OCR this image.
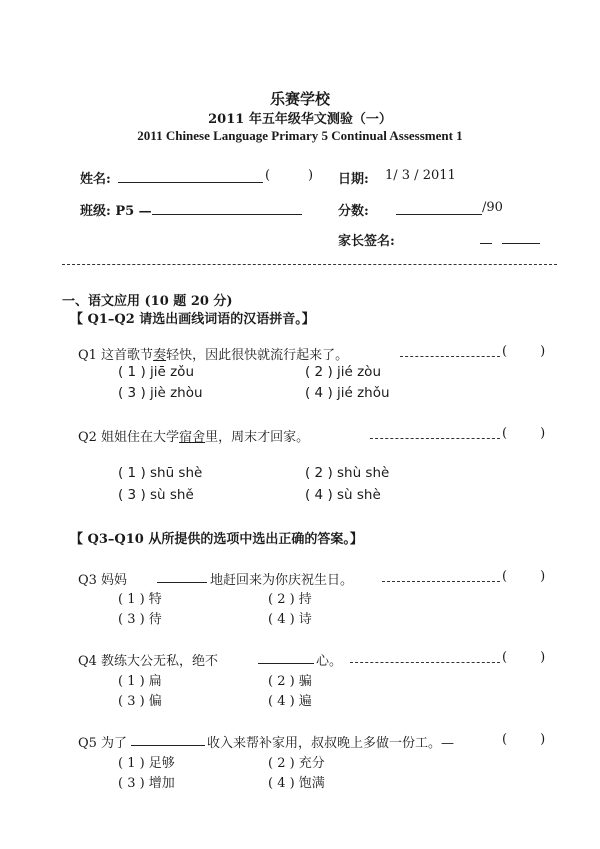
乐赛学校
2011 年五年级华文测验（一）
2011 Chinese Language Primary 5 Continual Assessment 1
姓名:	(	) 日期: 1/ 3 / 2011
班级: P5 —	分数:	/90
家长签名:
一、语文应用 (10 题 20 分)
【 Q1–Q2 请选出画线词语的汉语拼音。】
Q1 这首歌节奏轻快，因此很快就流行起来了。	(        )
( 1 ) jiē zǒu	( 2 ) jié zòu
( 3 ) jiè zhòu	( 4 ) jié zhǒu
Q2 姐姐住在大学宿舍里，周末才回家。	(        )
( 1 ) shū shè	( 2 ) shù shè
( 3 ) sù shě	( 4 ) sù shè
【 Q3–Q10 从所提供的选项中选出正确的答案。】
Q3 妈妈	地赶回来为你庆祝生日。	(        )
( 1 ) 特	( 2 ) 持
( 3 ) 待	( 4 ) 诗
Q4 教练大公无私，绝不	心。	(        )
( 1 ) 扁	( 2 ) 骗
( 3 ) 偏	( 4 ) 遍
Q5 为了	收入来帮补家用，叔叔晚上多做一份工。—	(        )
( 1 ) 足够	( 2 ) 充分
( 3 ) 增加	( 4 ) 饱满
